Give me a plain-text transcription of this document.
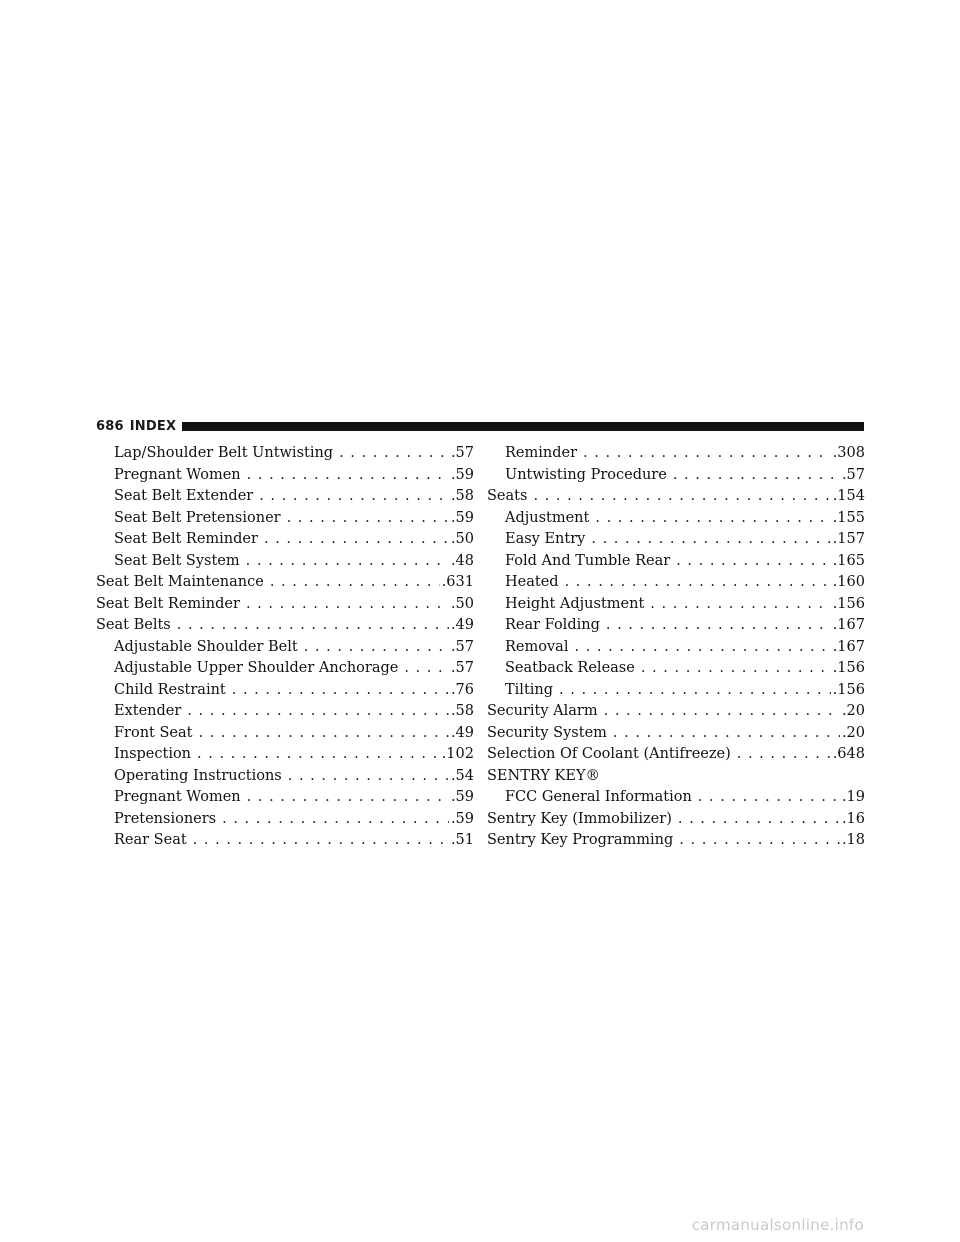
686 INDEX
Lap/Shoulder Belt Untwisting . . .	.57
Pregnant Women . . .	.59
Seat Belt Extender . . .	.58
Seat Belt Pretensioner . . .	.59
Seat Belt Reminder . . .	.50
Seat Belt System . . .	.48
Seat Belt Maintenance . . .	.631
Seat Belt Reminder . . .	.50
Seat Belts . . .	.49
Adjustable Shoulder Belt . . .	.57
Adjustable Upper Shoulder Anchorage . . .	.57
Child Restraint . . .	.76
Extender . . .	.58
Front Seat . . .	.49
Inspection . . .	.102
Operating Instructions . . .	.54
Pregnant Women . . .	.59
Pretensioners . . .	.59
Rear Seat . . .	.51
Reminder . . .	.308
Untwisting Procedure . . .	.57
Seats . . .	.154
Adjustment . . .	.155
Easy Entry . . .	.157
Fold And Tumble Rear . . .	.165
Heated . . .	.160
Height Adjustment . . .	.156
Rear Folding . . .	.167
Removal . . .	.167
Seatback Release . . .	.156
Tilting . . .	.156
Security Alarm . . .	.20
Security System . . .	.20
Selection Of Coolant (Antifreeze) . . .	.648
SENTRY KEY®
FCC General Information . . .	.19
Sentry Key (Immobilizer) . . .	.16
Sentry Key Programming . . .	.18
carmanualsonline.info
